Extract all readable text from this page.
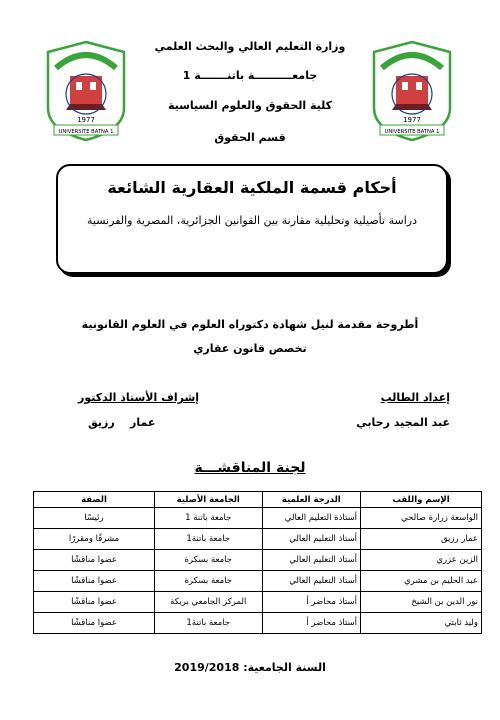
1977
UNIVERSITE BATNA 1
1977
UNIVERSITE BATNA 1
وزارة التعليم العالي والبحث العلمي
جامعــــــــــة باتنـــــــة 1
كلية الحقوق والعلوم السياسية
قسم الحقوق
أحكام قسمة الملكية العقارية الشائعة
دراسة تأصيلية وتحليلية مقارنة بين القوانين الجزائرية، المصرية والفرنسية
أطروحة مقدمة لنيل شهادة دكتوراه العلوم في العلوم القانونية
تخصص قانون عقاري
إعداد الطالب
عبد المجيد رحابي
إشراف الأستاذ الدكتور
عمار    رزيق
لجنة المناقشـــة
الإسم واللقب	الدرجة العلمية	الجامعة الأصلية	الصفة
الواسعة زرارة صالحي	أستاذة التعليم العالي	جامعة باتنة 1	رئيسًا
عمار رزيق	أستاذ التعليم العالي	جامعة باتنة1	مشرفًا ومقررًا
الزين عزري	أستاذ التعليم العالي	جامعة بسكرة	عضوا مناقشًا
عبد الحليم بن مشري	أستاذ التعليم العالي	جامعة بسكرة	عضوا مناقشًا
نور الدين بن الشيخ	أستاذ محاضر أ	المركز الجامعي بريكة	عضوا مناقشًا
وليد ثابتي	أستاذ محاضر أ	جامعة باتنة1	عضوا مناقشًا
السنة الجامعية: 2019/2018
